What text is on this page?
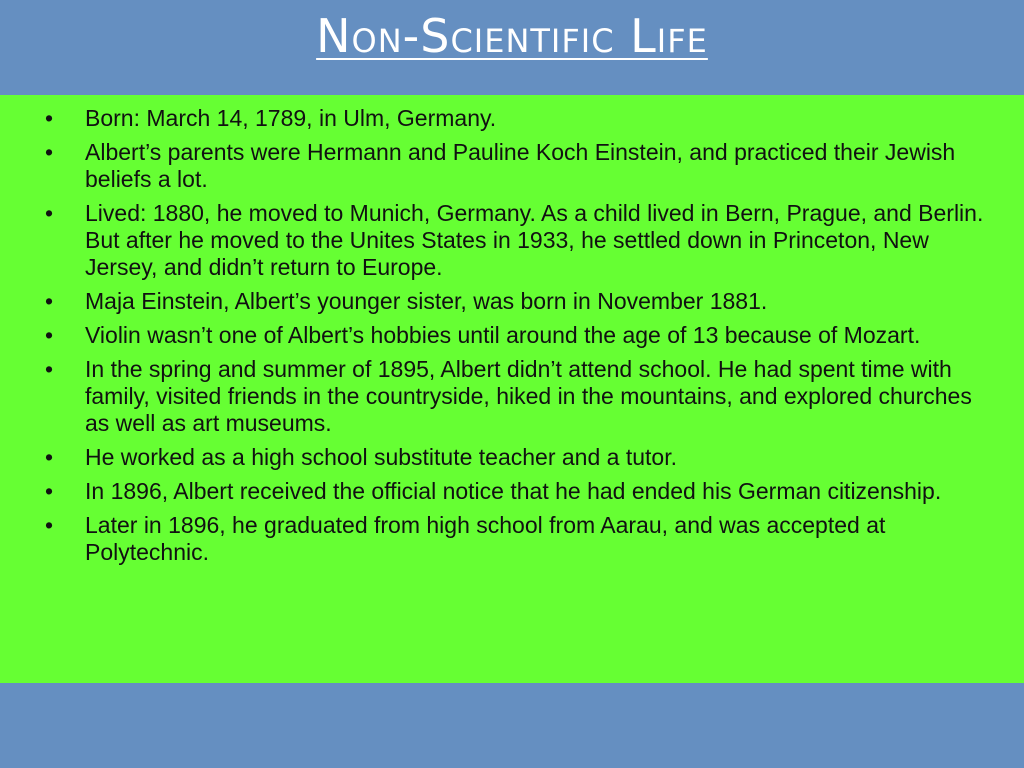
Non-Scientific Life
• Born: March 14, 1789, in Ulm, Germany.
• Albert’s parents were Hermann and Pauline Koch Einstein, and practiced their Jewish beliefs a lot.
• Lived: 1880, he moved to Munich, Germany. As a child lived in Bern, Prague, and Berlin. But after he moved to the Unites States in 1933, he settled down in Princeton, New Jersey, and didn’t return to Europe.
• Maja Einstein, Albert’s younger sister, was born in November 1881.
• Violin wasn’t one of Albert’s hobbies until around the age of 13 because of Mozart.
• In the spring and summer of 1895, Albert didn’t attend school. He had spent time with family, visited friends in the countryside, hiked in the mountains, and explored churches as well as art museums.
• He worked as a high school substitute teacher and a tutor.
• In 1896, Albert received the official notice that he had ended his German citizenship.
• Later in 1896, he graduated from high school from Aarau, and was accepted at Polytechnic.
